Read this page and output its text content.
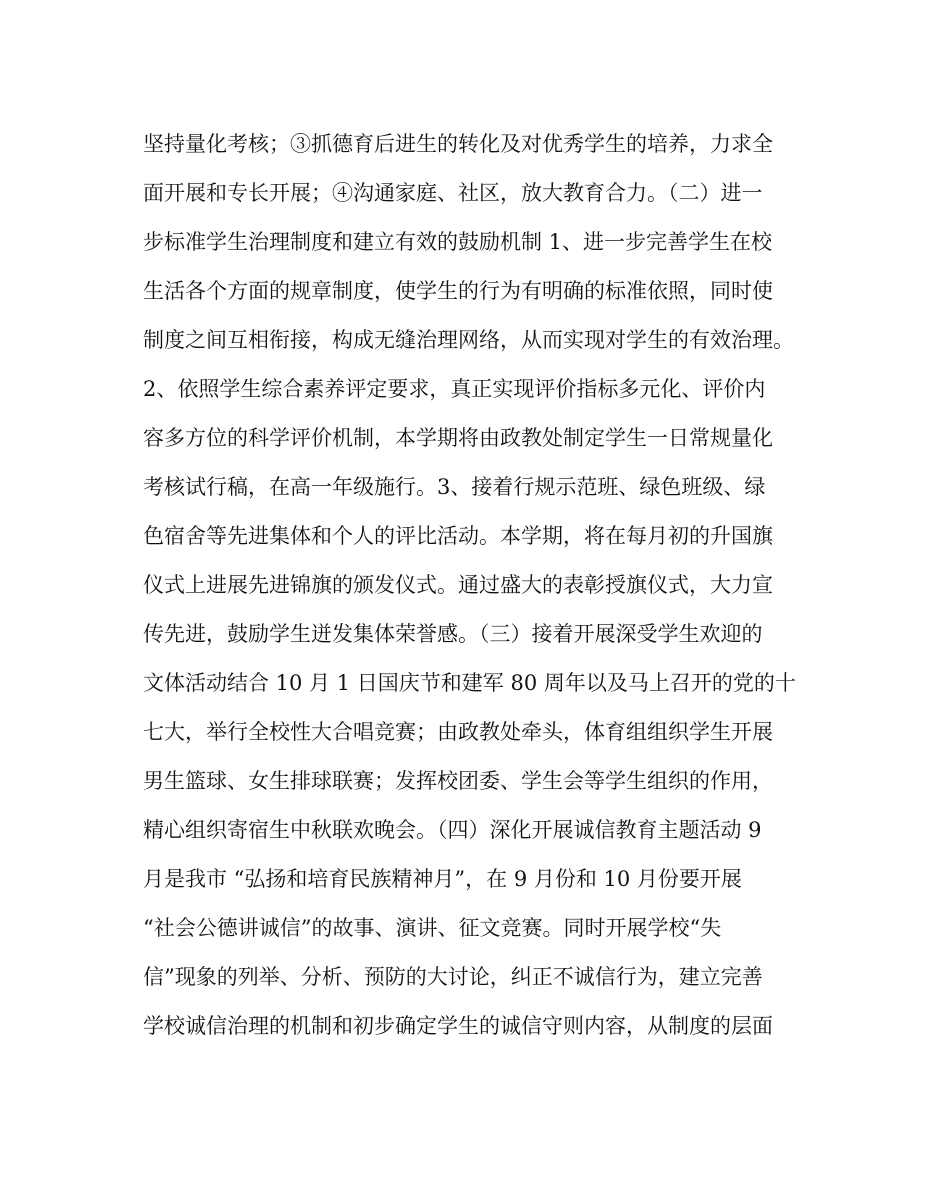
坚持量化考核；③抓德育后进生的转化及对优秀学生的培养，力求全
面开展和专长开展；④沟通家庭、社区，放大教育合力。（二）进一
步标准学生治理制度和建立有效的鼓励机制 1、进一步完善学生在校
生活各个方面的规章制度，使学生的行为有明确的标准依照，同时使
制度之间互相衔接，构成无缝治理网络，从而实现对学生的有效治理。
2、依照学生综合素养评定要求，真正实现评价指标多元化、评价内
容多方位的科学评价机制，本学期将由政教处制定学生一日常规量化
考核试行稿，在高一年级施行。3、接着行规示范班、绿色班级、绿
色宿舍等先进集体和个人的评比活动。本学期，将在每月初的升国旗
仪式上进展先进锦旗的颁发仪式。通过盛大的表彰授旗仪式，大力宣
传先进，鼓励学生迸发集体荣誉感。（三）接着开展深受学生欢迎的
文体活动结合 10 月 1 日国庆节和建军 80 周年以及马上召开的党的十
七大，举行全校性大合唱竞赛；由政教处牵头，体育组组织学生开展
男生篮球、女生排球联赛；发挥校团委、学生会等学生组织的作用，
精心组织寄宿生中秋联欢晚会。（四）深化开展诚信教育主题活动 9
月是我市 “弘扬和培育民族精神月”，在 9 月份和 10 月份要开展
“社会公德讲诚信”的故事、演讲、征文竞赛。同时开展学校“失
信”现象的列举、分析、预防的大讨论，纠正不诚信行为，建立完善
学校诚信治理的机制和初步确定学生的诚信守则内容，从制度的层面
